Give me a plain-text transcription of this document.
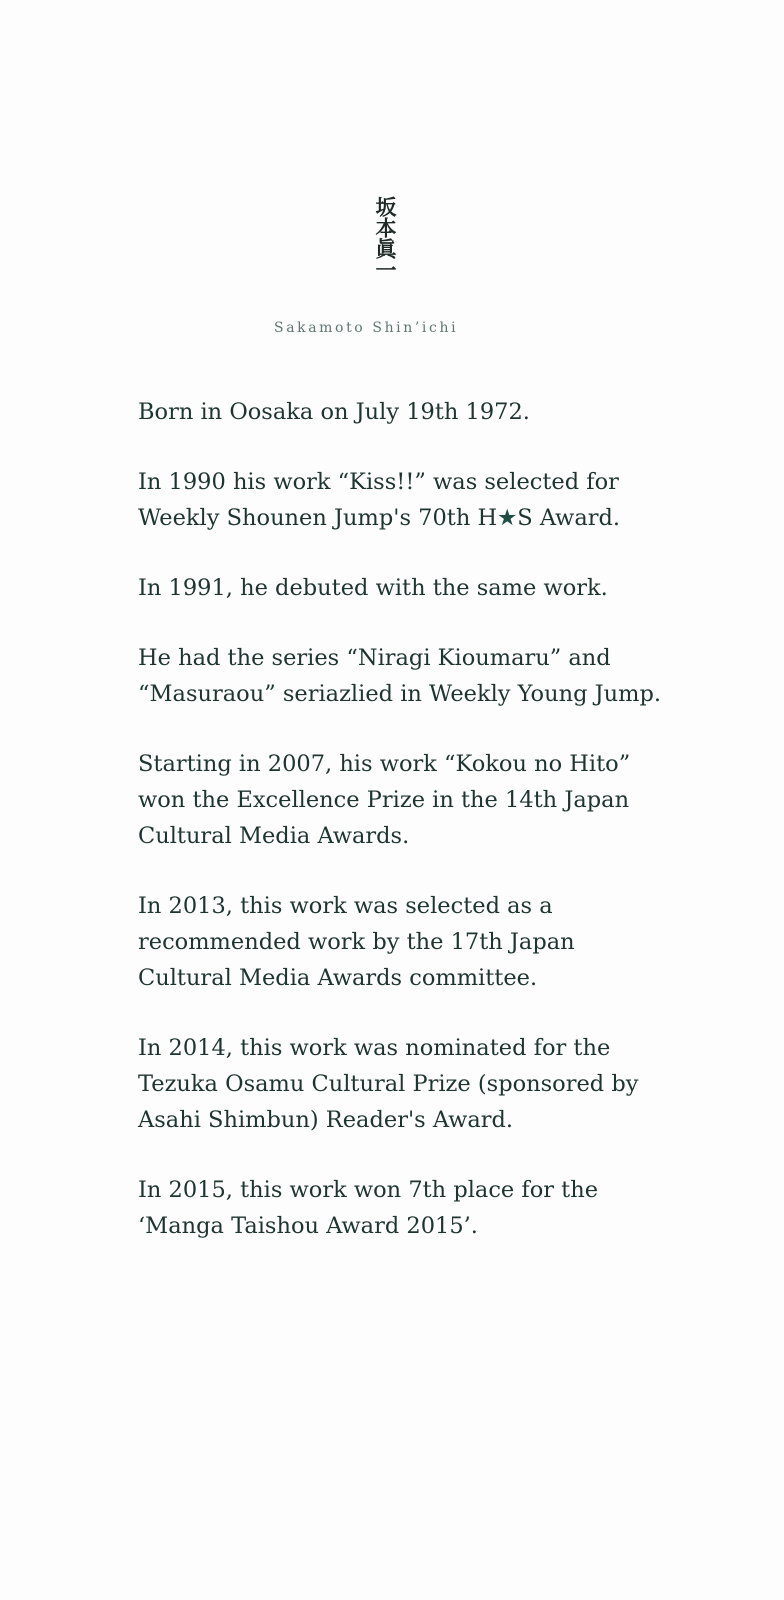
坂本眞一
Sakamoto Shin’ichi

Born in Oosaka on July 19th 1972.

In 1990 his work “Kiss!!” was selected for
Weekly Shounen Jump's 70th H★S Award.

In 1991, he debuted with the same work.

He had the series “Niragi Kioumaru” and
“Masuraou” seriazlied in Weekly Young Jump.

Starting in 2007, his work “Kokou no Hito”
won the Excellence Prize in the 14th Japan
Cultural Media Awards.

In 2013, this work was selected as a
recommended work by the 17th Japan
Cultural Media Awards committee.

In 2014, this work was nominated for the
Tezuka Osamu Cultural Prize (sponsored by
Asahi Shimbun) Reader's Award.

In 2015, this work won 7th place for the
‘Manga Taishou Award 2015’.
